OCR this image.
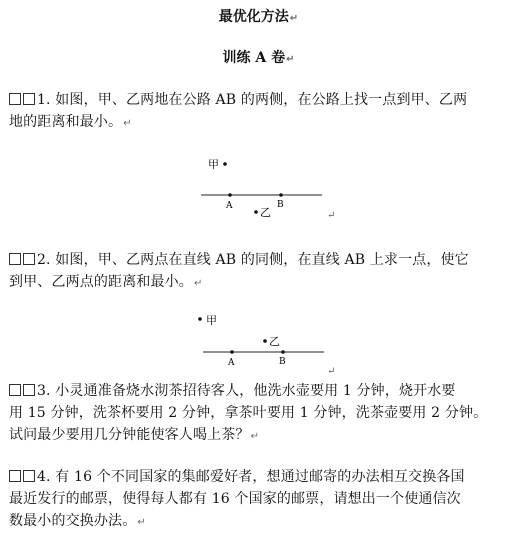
最优化方法↵
训练 A 卷↵
1. 如图，甲、乙两地在公路 AB 的两侧，在公路上找一点到甲、乙两
地的距离和最小。↵
甲
A	B
乙	↵
2. 如图，甲、乙两点在直线 AB 的同侧，在直线 AB 上求一点，使它
到甲、乙两点的距离和最小。↵
甲
乙
A	B
↵
3. 小灵通准备烧水沏茶招待客人，他洗水壶要用 1 分钟，烧开水要
用 15 分钟，洗茶杯要用 2 分钟，拿茶叶要用 1 分钟，洗茶壶要用 2 分钟。
试问最少要用几分钟能使客人喝上茶？↵
4. 有 16 个不同国家的集邮爱好者，想通过邮寄的办法相互交换各国
最近发行的邮票，使得每人都有 16 个国家的邮票，请想出一个使通信次
数最小的交换办法。↵
